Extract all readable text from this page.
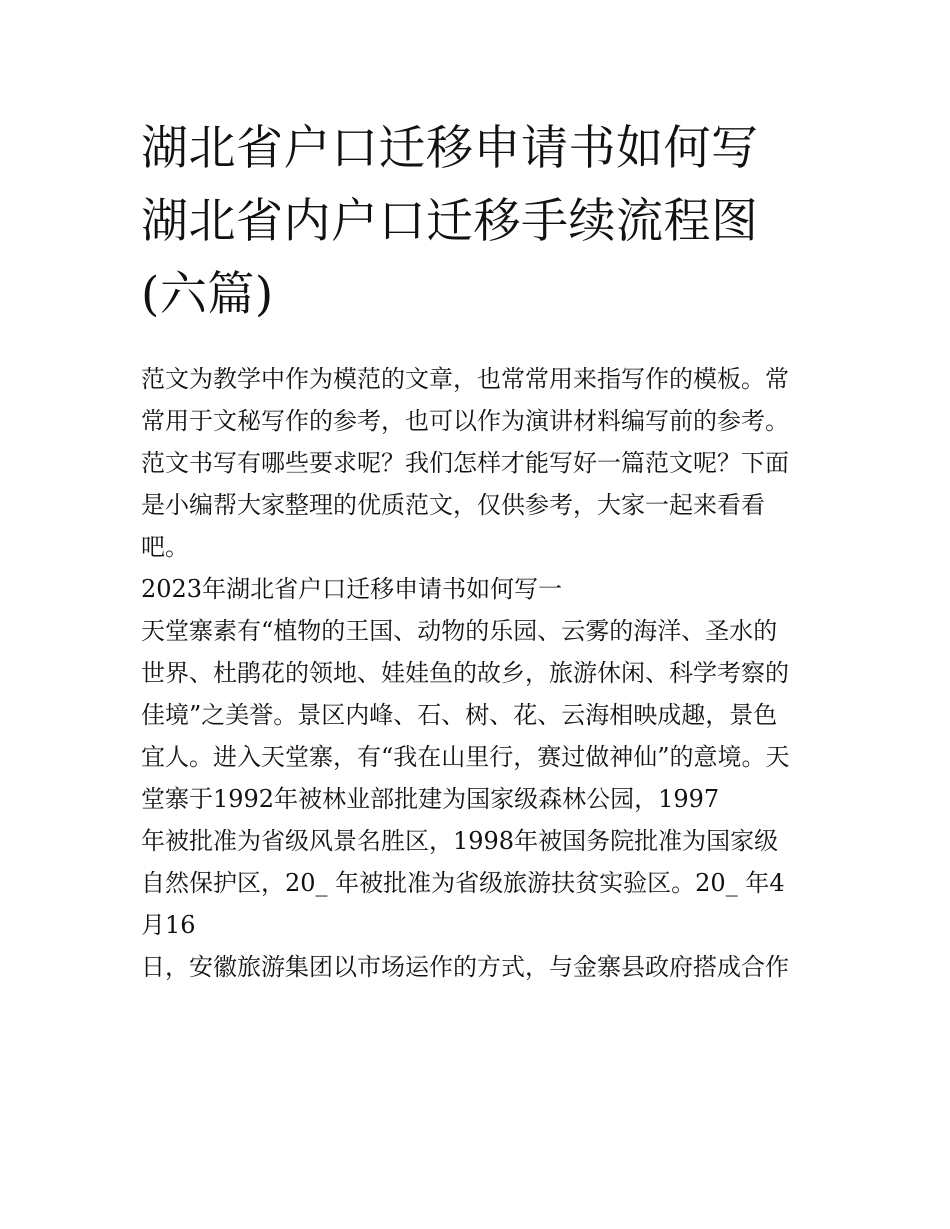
湖北省户口迁移申请书如何写
湖北省内户口迁移手续流程图
(六篇)
范文为教学中作为模范的文章，也常常用来指写作的模板。常
常用于文秘写作的参考，也可以作为演讲材料编写前的参考。
范文书写有哪些要求呢？我们怎样才能写好一篇范文呢？下面
是小编帮大家整理的优质范文，仅供参考，大家一起来看看
吧。
2023年湖北省户口迁移申请书如何写一
天堂寨素有“植物的王国、动物的乐园、云雾的海洋、圣水的
世界、杜鹃花的领地、娃娃鱼的故乡，旅游休闲、科学考察的
佳境”之美誉。景区内峰、石、树、花、云海相映成趣，景色
宜人。进入天堂寨，有“我在山里行，赛过做神仙”的意境。天
堂寨于1992年被林业部批建为国家级森林公园，1997
年被批准为省级风景名胜区，1998年被国务院批准为国家级
自然保护区，20_ 年被批准为省级旅游扶贫实验区。20_ 年4
月16
日，安徽旅游集团以市场运作的方式，与金寨县政府搭成合作
